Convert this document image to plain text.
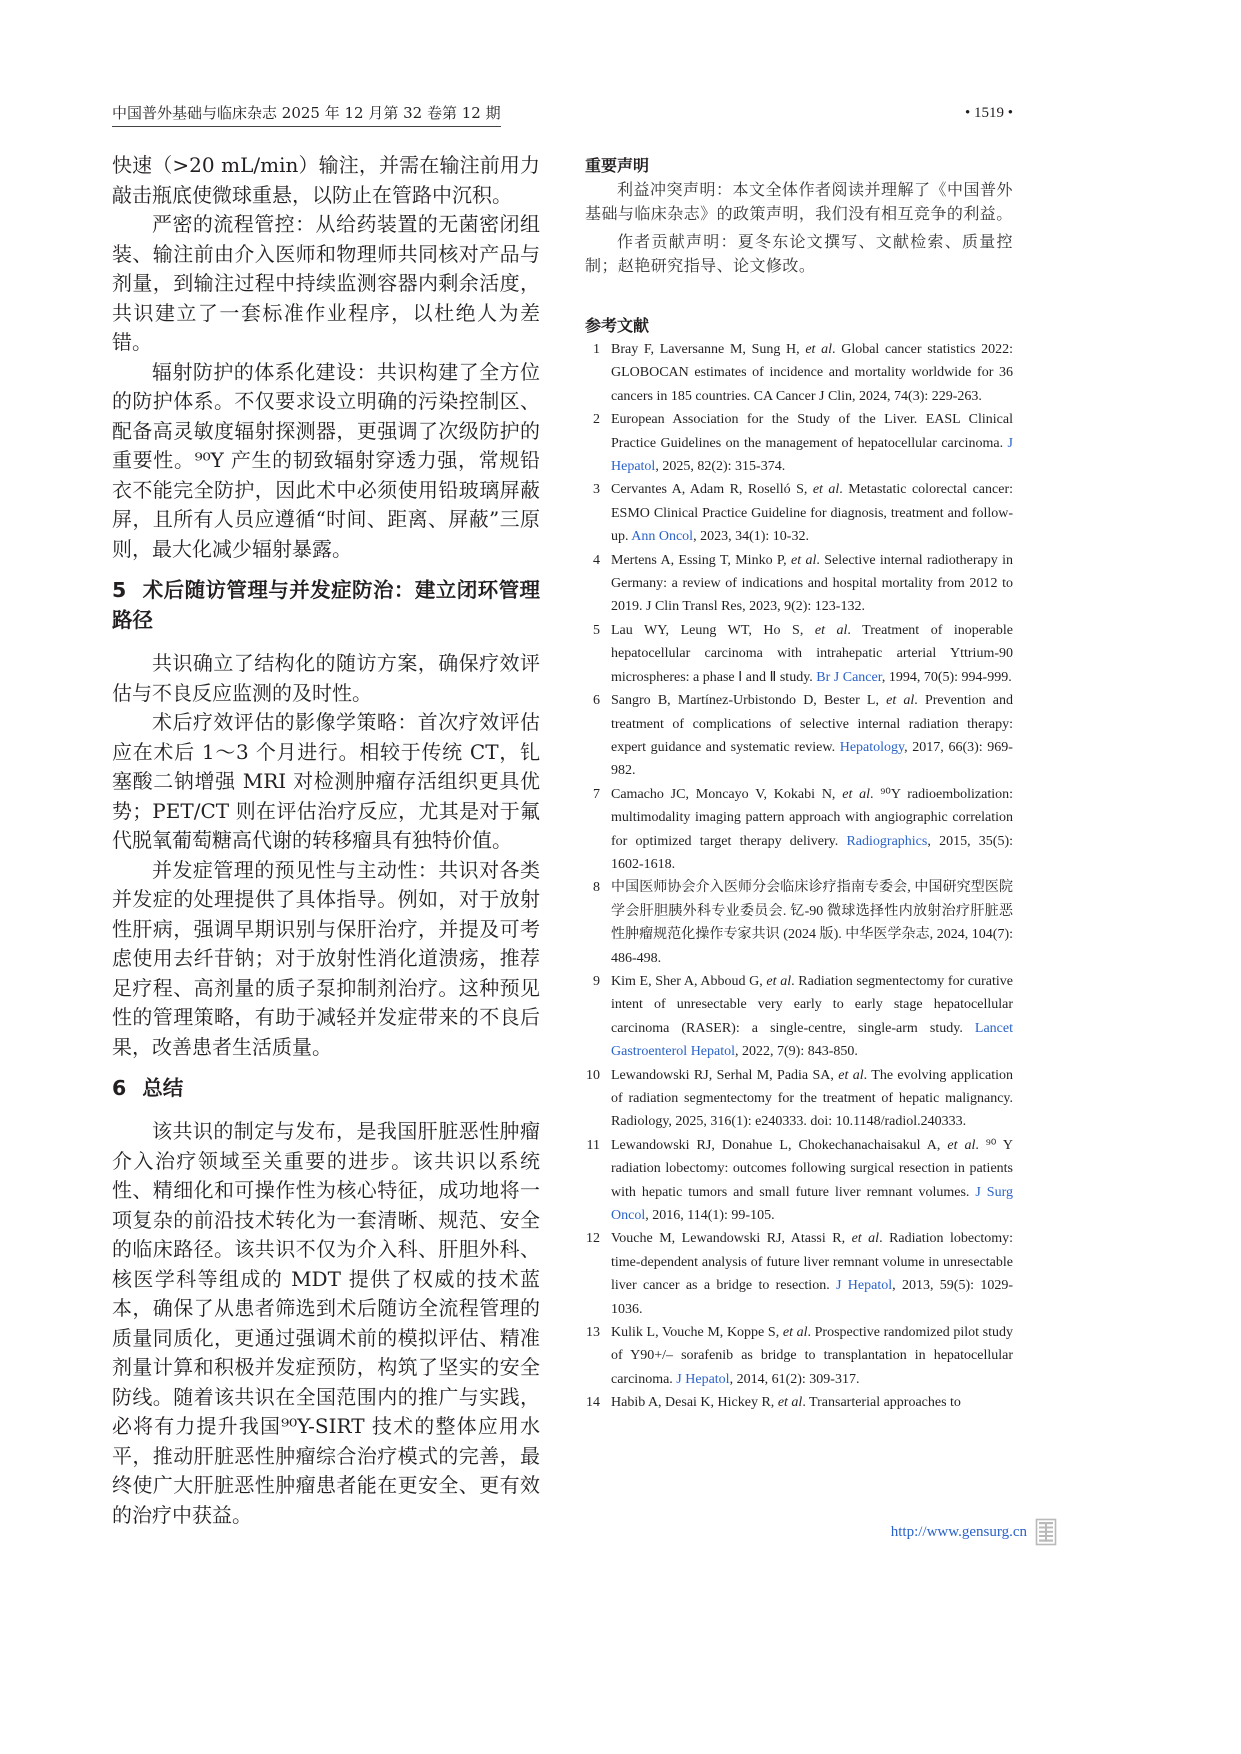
中国普外基础与临床杂志 2025 年 12 月第 32 卷第 12 期	• 1519 •

快速（>20 mL/min）输注，并需在输注前用力敲击瓶底使微球重悬，以防止在管路中沉积。

严密的流程管控：从给药装置的无菌密闭组装、输注前由介入医师和物理师共同核对产品与剂量，到输注过程中持续监测容器内剩余活度，共识建立了一套标准作业程序，以杜绝人为差错。

辐射防护的体系化建设：共识构建了全方位的防护体系。不仅要求设立明确的污染控制区、配备高灵敏度辐射探测器，更强调了次级防护的重要性。⁹⁰Y 产生的韧致辐射穿透力强，常规铅衣不能完全防护，因此术中必须使用铅玻璃屏蔽屏，且所有人员应遵循“时间、距离、屏蔽”三原则，最大化减少辐射暴露。

5 术后随访管理与并发症防治：建立闭环管理路径

共识确立了结构化的随访方案，确保疗效评估与不良反应监测的及时性。

术后疗效评估的影像学策略：首次疗效评估应在术后 1～3 个月进行。相较于传统 CT，钆塞酸二钠增强 MRI 对检测肿瘤存活组织更具优势；PET/CT 则在评估治疗反应，尤其是对于氟代脱氧葡萄糖高代谢的转移瘤具有独特价值。

并发症管理的预见性与主动性：共识对各类并发症的处理提供了具体指导。例如，对于放射性肝病，强调早期识别与保肝治疗，并提及可考虑使用去纤苷钠；对于放射性消化道溃疡，推荐足疗程、高剂量的质子泵抑制剂治疗。这种预见性的管理策略，有助于减轻并发症带来的不良后果，改善患者生活质量。

6 总结

该共识的制定与发布，是我国肝脏恶性肿瘤介入治疗领域至关重要的进步。该共识以系统性、精细化和可操作性为核心特征，成功地将一项复杂的前沿技术转化为一套清晰、规范、安全的临床路径。该共识不仅为介入科、肝胆外科、核医学科等组成的 MDT 提供了权威的技术蓝本，确保了从患者筛选到术后随访全流程管理的质量同质化，更通过强调术前的模拟评估、精准剂量计算和积极并发症预防，构筑了坚实的安全防线。随着该共识在全国范围内的推广与实践，必将有力提升我国⁹⁰Y-SIRT 技术的整体应用水平，推动肝脏恶性肿瘤综合治疗模式的完善，最终使广大肝脏恶性肿瘤患者能在更安全、更有效的治疗中获益。

重要声明

利益冲突声明：本文全体作者阅读并理解了《中国普外基础与临床杂志》的政策声明，我们没有相互竞争的利益。

作者贡献声明：夏冬东论文撰写、文献检索、质量控制；赵艳研究指导、论文修改。

参考文献
1 Bray F, Laversanne M, Sung H, et al. Global cancer statistics 2022: GLOBOCAN estimates of incidence and mortality worldwide for 36 cancers in 185 countries. CA Cancer J Clin, 2024, 74(3): 229-263.
2 European Association for the Study of the Liver. EASL Clinical Practice Guidelines on the management of hepatocellular carcinoma. J Hepatol, 2025, 82(2): 315-374.
3 Cervantes A, Adam R, Roselló S, et al. Metastatic colorectal cancer: ESMO Clinical Practice Guideline for diagnosis, treatment and follow-up. Ann Oncol, 2023, 34(1): 10-32.
4 Mertens A, Essing T, Minko P, et al. Selective internal radiotherapy in Germany: a review of indications and hospital mortality from 2012 to 2019. J Clin Transl Res, 2023, 9(2): 123-132.
5 Lau WY, Leung WT, Ho S, et al. Treatment of inoperable hepatocellular carcinoma with intrahepatic arterial Yttrium-90 microspheres: a phase Ⅰ and Ⅱ study. Br J Cancer, 1994, 70(5): 994-999.
6 Sangro B, Martínez-Urbistondo D, Bester L, et al. Prevention and treatment of complications of selective internal radiation therapy: expert guidance and systematic review. Hepatology, 2017, 66(3): 969-982.
7 Camacho JC, Moncayo V, Kokabi N, et al. ⁹⁰Y radioembolization: multimodality imaging pattern approach with angiographic correlation for optimized target therapy delivery. Radiographics, 2015, 35(5): 1602-1618.
8 中国医师协会介入医师分会临床诊疗指南专委会, 中国研究型医院学会肝胆胰外科专业委员会. 钇-90 微球选择性内放射治疗肝脏恶性肿瘤规范化操作专家共识 (2024 版). 中华医学杂志, 2024, 104(7): 486-498.
9 Kim E, Sher A, Abboud G, et al. Radiation segmentectomy for curative intent of unresectable very early to early stage hepatocellular carcinoma (RASER): a single-centre, single-arm study. Lancet Gastroenterol Hepatol, 2022, 7(9): 843-850.
10 Lewandowski RJ, Serhal M, Padia SA, et al. The evolving application of radiation segmentectomy for the treatment of hepatic malignancy. Radiology, 2025, 316(1): e240333. doi: 10.1148/radiol.240333.
11 Lewandowski RJ, Donahue L, Chokechanachaisakul A, et al. ⁹⁰ Y radiation lobectomy: outcomes following surgical resection in patients with hepatic tumors and small future liver remnant volumes. J Surg Oncol, 2016, 114(1): 99-105.
12 Vouche M, Lewandowski RJ, Atassi R, et al. Radiation lobectomy: time-dependent analysis of future liver remnant volume in unresectable liver cancer as a bridge to resection. J Hepatol, 2013, 59(5): 1029-1036.
13 Kulik L, Vouche M, Koppe S, et al. Prospective randomized pilot study of Y90+/– sorafenib as bridge to transplantation in hepatocellular carcinoma. J Hepatol, 2014, 61(2): 309-317.
14 Habib A, Desai K, Hickey R, et al. Transarterial approaches to
http://www.gensurg.cn
